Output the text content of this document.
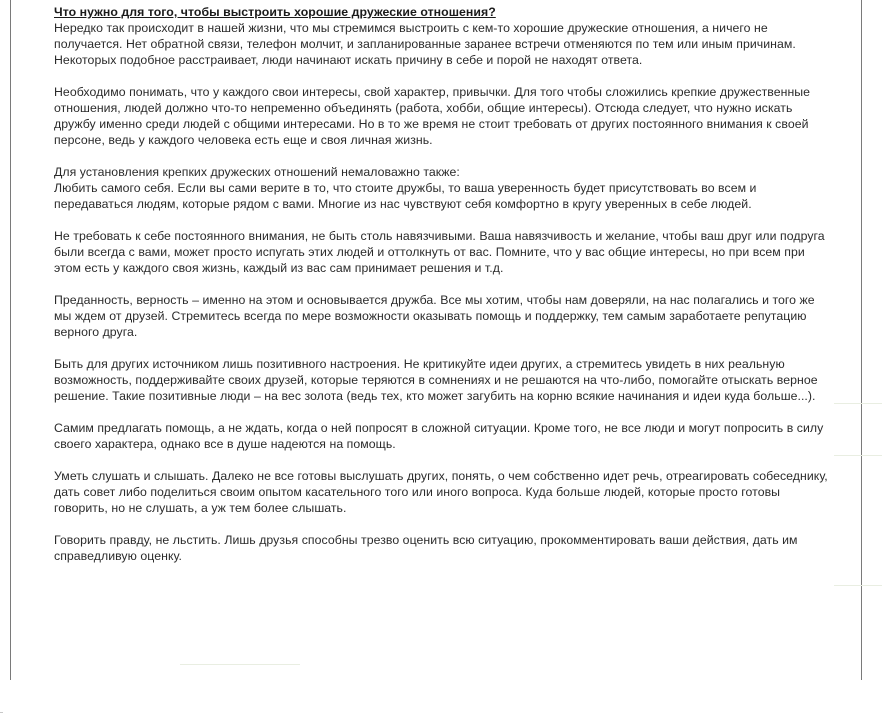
Что нужно для того, чтобы выстроить хорошие дружеские отношения?
Нередко так происходит в нашей жизни, что мы стремимся выстроить с кем-то хорошие дружеские отношения, а ничего не получается. Нет обратной связи, телефон молчит, и запланированные заранее встречи отменяются по тем или иным причинам. Некоторых подобное расстраивает, люди начинают искать причину в себе и порой не находят ответа.
Необходимо понимать, что у каждого свои интересы, свой характер, привычки. Для того чтобы сложились крепкие дружественные отношения, людей должно что-то непременно объединять (работа, хобби, общие интересы). Отсюда следует, что нужно искать дружбу именно среди людей с общими интересами. Но в то же время не стоит требовать от других постоянного внимания к своей персоне, ведь у каждого человека есть еще и своя личная жизнь.
Для установления крепких дружеских отношений немаловажно также:
Любить самого себя. Если вы сами верите в то, что стоите дружбы, то ваша уверенность будет присутствовать во всем и передаваться людям, которые рядом с вами. Многие из нас чувствуют себя комфортно в кругу уверенных в себе людей.
Не требовать к себе постоянного внимания, не быть столь навязчивыми. Ваша навязчивость и желание, чтобы ваш друг или подруга были всегда с вами, может просто испугать этих людей и оттолкнуть от вас. Помните, что у вас общие интересы, но при всем при этом есть у каждого своя жизнь, каждый из вас сам принимает решения и т.д.
Преданность, верность – именно на этом и основывается дружба. Все мы хотим, чтобы нам доверяли, на нас полагались и того же мы ждем от друзей. Стремитесь всегда по мере возможности оказывать помощь и поддержку, тем самым заработаете репутацию верного друга.
Быть для других источником лишь позитивного настроения. Не критикуйте идеи других, а стремитесь увидеть в них реальную возможность, поддерживайте своих друзей, которые теряются в сомнениях и не решаются на что-либо, помогайте отыскать верное решение. Такие позитивные люди – на вес золота (ведь тех, кто может загубить на корню всякие начинания и идеи куда больше...).
Самим предлагать помощь, а не ждать, когда о ней попросят в сложной ситуации. Кроме того, не все люди и могут попросить в силу своего характера, однако все в душе надеются на помощь.
Уметь слушать и слышать. Далеко не все готовы выслушать других, понять, о чем собственно идет речь, отреагировать собеседнику, дать совет либо поделиться своим опытом касательного того или иного вопроса. Куда больше людей, которые просто готовы говорить, но не слушать, а уж тем более слышать.
Говорить правду, не льстить. Лишь друзья способны трезво оценить всю ситуацию, прокомментировать ваши действия, дать им справедливую оценку.
